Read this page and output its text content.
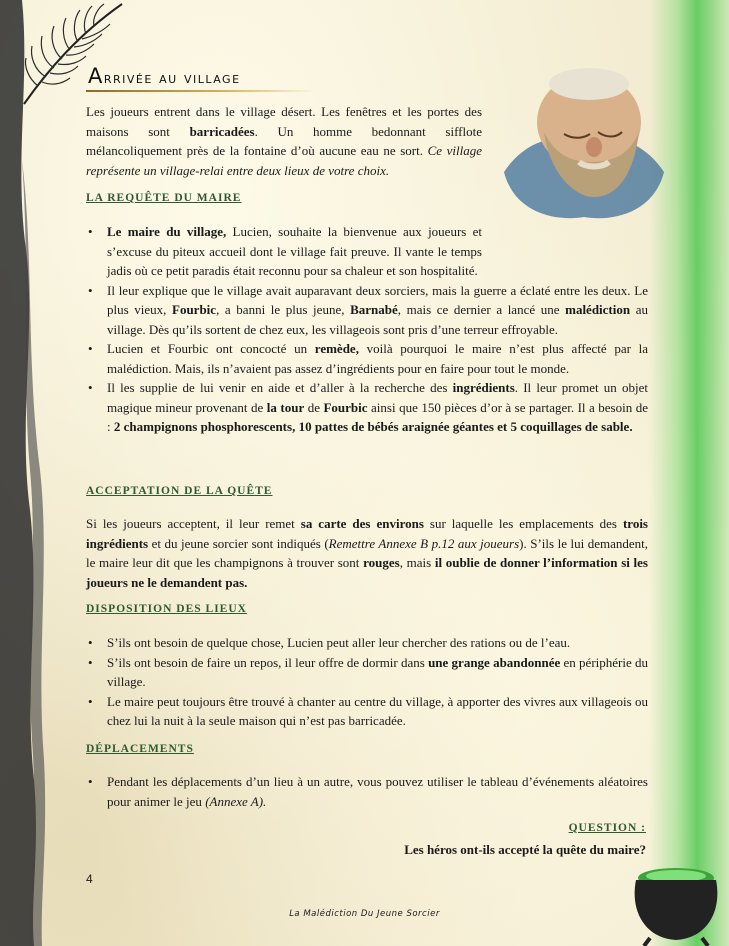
Arrivée au village

Les joueurs entrent dans le village désert. Les fenêtres et les portes des maisons sont barricadées. Un homme bedonnant sifflote mélancoliquement près de la fontaine d’où aucune eau ne sort. Ce village représente un village-relai entre deux lieux de votre choix.

LA REQUÊTE DU MAIRE
• Le maire du village, Lucien, souhaite la bienvenue aux joueurs et s’excuse du piteux accueil dont le village fait preuve. Il vante le temps jadis où ce petit paradis était reconnu pour sa chaleur et son hospitalité.
• Il leur explique que le village avait auparavant deux sorciers, mais la guerre a éclaté entre les deux. Le plus vieux, Fourbic, a banni le plus jeune, Barnabé, mais ce dernier a lancé une malédiction au village. Dès qu’ils sortent de chez eux, les villageois sont pris d’une terreur effroyable.
• Lucien et Fourbic ont concocté un remède, voilà pourquoi le maire n’est plus affecté par la malédiction. Mais, ils n’avaient pas assez d’ingrédients pour en faire pour tout le monde.
• Il les supplie de lui venir en aide et d’aller à la recherche des ingrédients. Il leur promet un objet magique mineur provenant de la tour de Fourbic ainsi que 150 pièces d’or à se partager. Il a besoin de : 2 champignons phosphorescents, 10 pattes de bébés araignée géantes et 5 coquillages de sable.
ACCEPTATION DE LA QUÊTE

Si les joueurs acceptent, il leur remet sa carte des environs sur laquelle les emplacements des trois ingrédients et du jeune sorcier sont indiqués (Remettre Annexe B p.12 aux joueurs). S’ils le lui demandent, le maire leur dit que les champignons à trouver sont rouges, mais il oublie de donner l’information si les joueurs ne le demandent pas.

DISPOSITION DES LIEUX
• S’ils ont besoin de quelque chose, Lucien peut aller leur chercher des rations ou de l’eau.
• S’ils ont besoin de faire un repos, il leur offre de dormir dans une grange abandonnée en périphérie du village.
• Le maire peut toujours être trouvé à chanter au centre du village, à apporter des vivres aux villageois ou chez lui la nuit à la seule maison qui n’est pas barricadée.
DÉPLACEMENTS
• Pendant les déplacements d’un lieu à un autre, vous pouvez utiliser le tableau d’événements aléatoires pour animer le jeu (Annexe A).

QUESTION :

Les héros ont-ils accepté la quête du maire?

4
La Malédiction Du Jeune Sorcier
